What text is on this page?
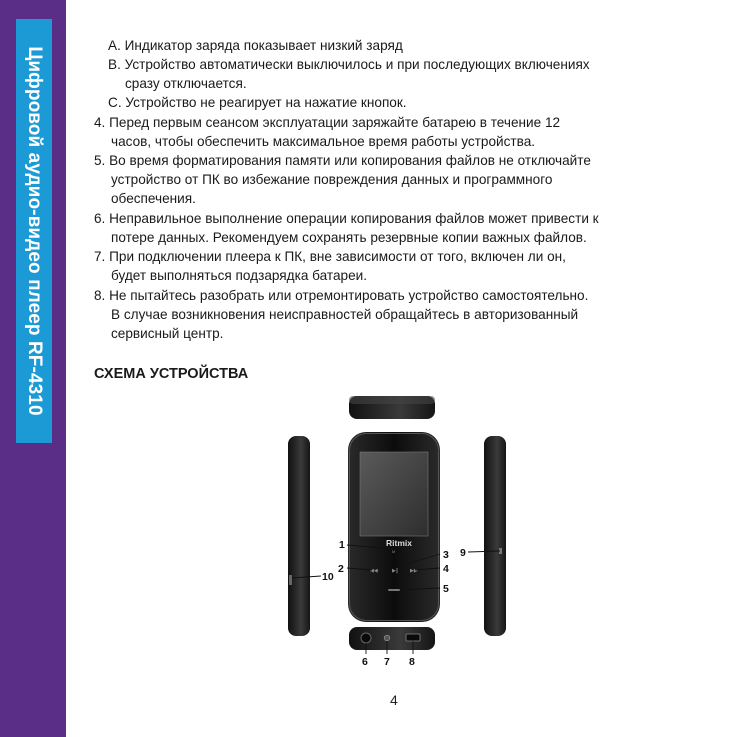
Цифровой аудио-видео плеер RF-4310
A. Индикатор заряда показывает низкий заряд
B. Устройство автоматически выключилось и при последующих включениях
сразу отключается.
C. Устройство не реагирует на нажатие кнопок.
4. Перед первым сеансом эксплуатации заряжайте батарею в течение 12
часов, чтобы обеспечить максимальное время работы устройства.
5. Во время форматирования памяти или копирования файлов не отключайте
устройство от ПК во избежание повреждения данных и программного
обеспечения.
6. Неправильное выполнение операции копирования файлов может привести к
потере данных. Рекомендуем сохранять резервные копии важных файлов.
7. При подключении плеера к ПК, вне зависимости от того, включен ли он,
будет выполняться подзарядка батареи.
8. Не пытайтесь разобрать или отремонтировать устройство самостоятельно.
В случае возникновения неисправностей обращайтесь в авторизованный
сервисный центр.
СХЕМА УСТРОЙСТВА
Ritmix
M
◀◀	▶‖ ▶▶
1
2
3
4
5
6 7 8
9
10
4
